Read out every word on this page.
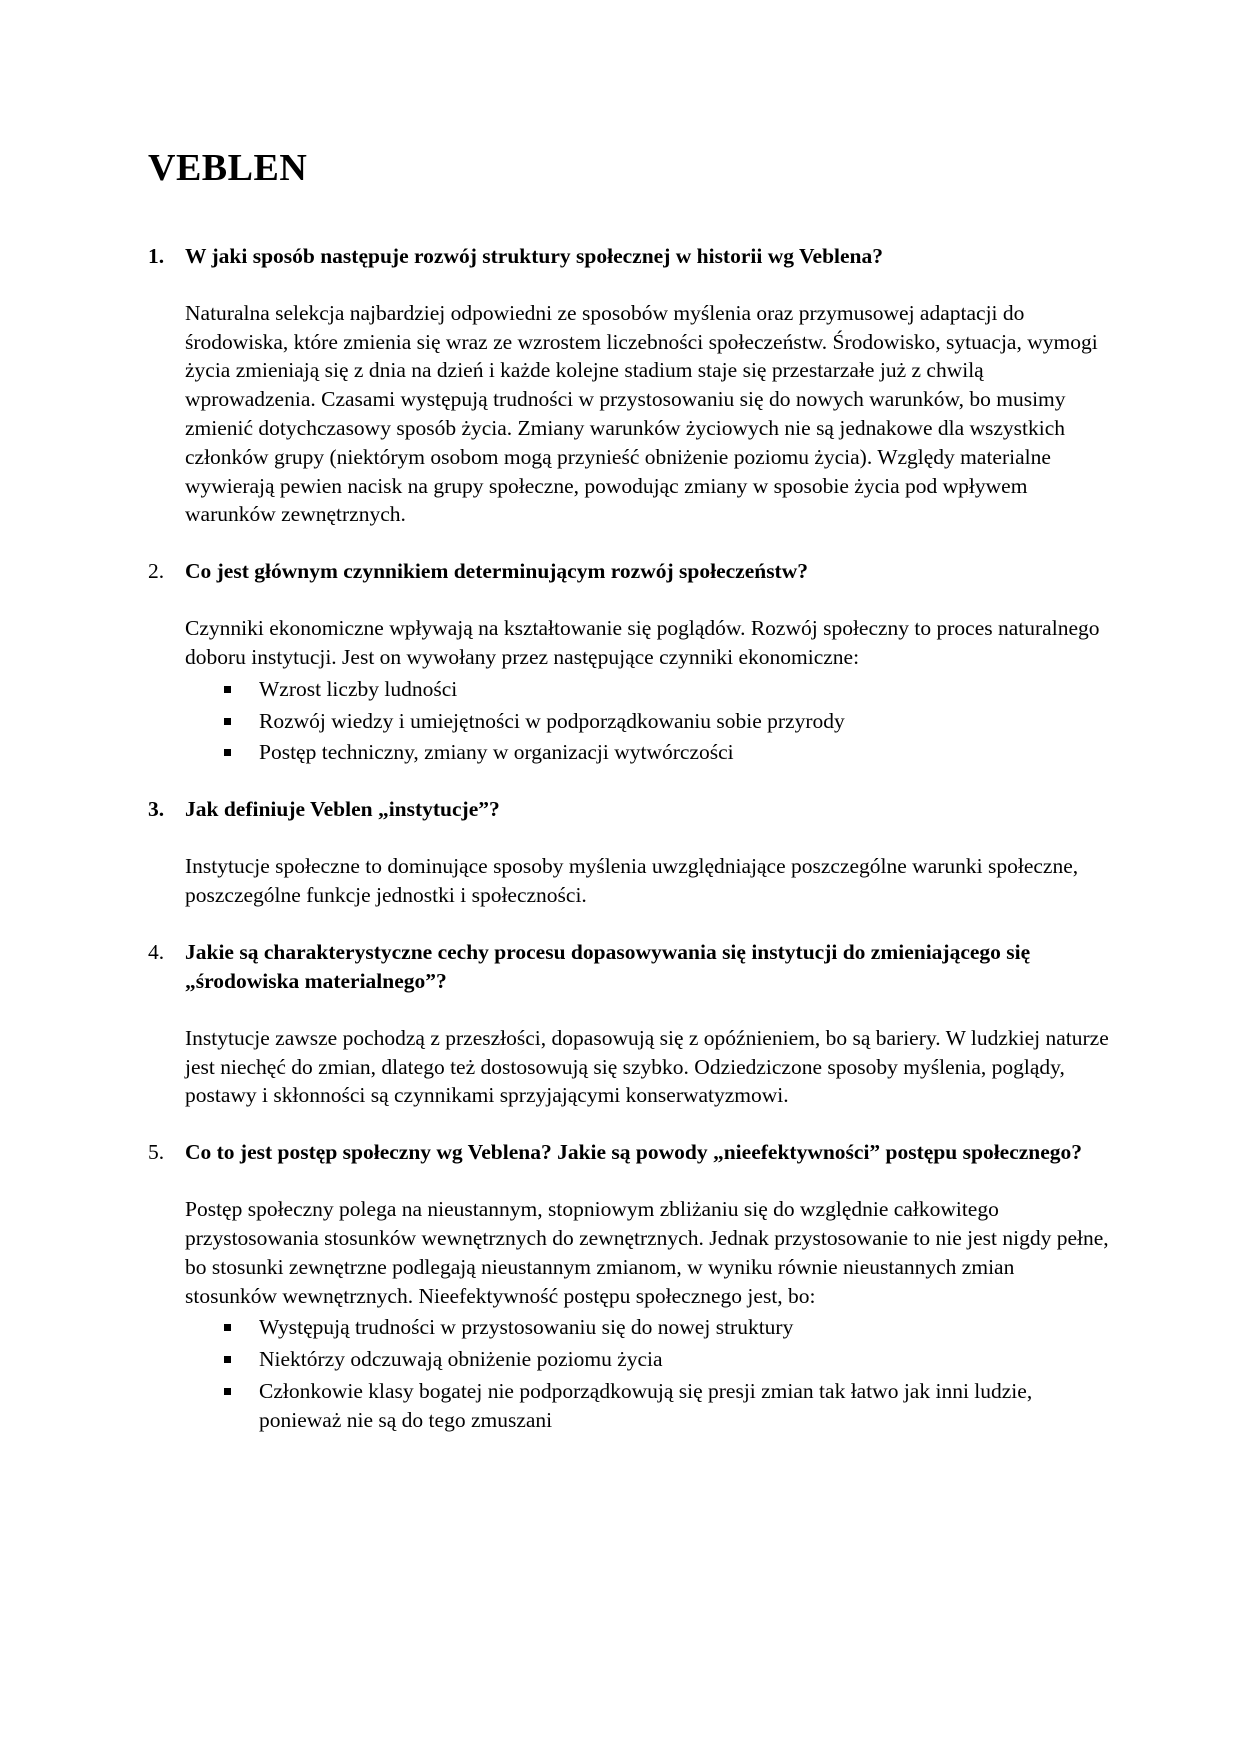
VEBLEN
1. W jaki sposób następuje rozwój struktury społecznej w historii wg Veblena?

Naturalna selekcja najbardziej odpowiedni ze sposobów myślenia oraz przymusowej adaptacji do środowiska, które zmienia się wraz ze wzrostem liczebności społeczeństw. Środowisko, sytuacja, wymogi życia zmieniają się z dnia na dzień i każde kolejne stadium staje się przestarzałe już z chwilą wprowadzenia. Czasami występują trudności w przystosowaniu się do nowych warunków, bo musimy zmienić dotychczasowy sposób życia. Zmiany warunków życiowych nie są jednakowe dla wszystkich członków grupy (niektórym osobom mogą przynieść obniżenie poziomu życia). Względy materialne wywierają pewien nacisk na grupy społeczne, powodując zmiany w sposobie życia pod wpływem warunków zewnętrznych.

2. Co jest głównym czynnikiem determinującym rozwój społeczeństw?

Czynniki ekonomiczne wpływają na kształtowanie się poglądów. Rozwój społeczny to proces naturalnego doboru instytucji. Jest on wywołany przez następujące czynniki ekonomiczne:

Wzrost liczby ludności
Rozwój wiedzy i umiejętności w podporządkowaniu sobie przyrody
Postęp techniczny, zmiany w organizacji wytwórczości
3. Jak definiuje Veblen „instytucje”?

Instytucje społeczne to dominujące sposoby myślenia uwzględniające poszczególne warunki społeczne, poszczególne funkcje jednostki i społeczności.

4. Jakie są charakterystyczne cechy procesu dopasowywania się instytucji do zmieniającego się „środowiska materialnego”?

Instytucje zawsze pochodzą z przeszłości, dopasowują się z opóźnieniem, bo są bariery. W ludzkiej naturze jest niechęć do zmian, dlatego też dostosowują się szybko. Odziedziczone sposoby myślenia, poglądy, postawy i skłonności są czynnikami sprzyjającymi konserwatyzmowi.

5. Co to jest postęp społeczny wg Veblena? Jakie są powody „nieefektywności” postępu społecznego?

Postęp społeczny polega na nieustannym, stopniowym zbliżaniu się do względnie całkowitego przystosowania stosunków wewnętrznych do zewnętrznych. Jednak przystosowanie to nie jest nigdy pełne, bo stosunki zewnętrzne podlegają nieustannym zmianom, w wyniku równie nieustannych zmian stosunków wewnętrznych. Nieefektywność postępu społecznego jest, bo:

Występują trudności w przystosowaniu się do nowej struktury
Niektórzy odczuwają obniżenie poziomu życia
Członkowie klasy bogatej nie podporządkowują się presji zmian tak łatwo jak inni ludzie, ponieważ nie są do tego zmuszani
